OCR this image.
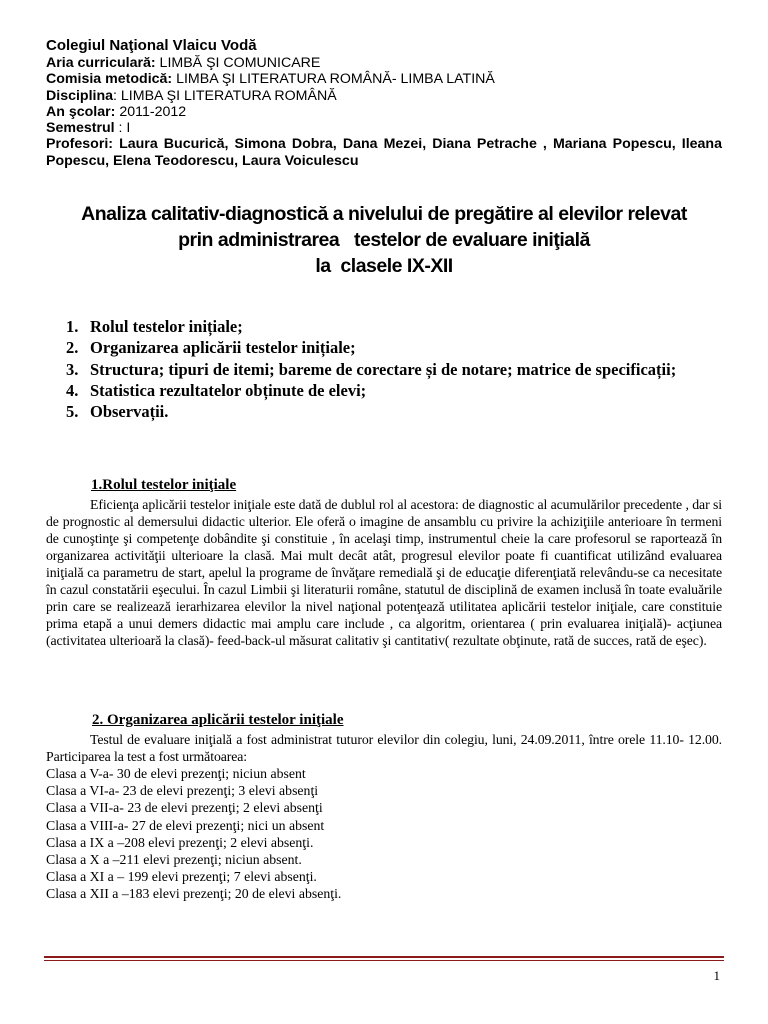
Colegiul Naţional Vlaicu Vodă
Aria curriculară: LIMBĂ ŞI COMUNICARE
Comisia metodică: LIMBA ŞI LITERATURA ROMÂNĂ- LIMBA LATINĂ
Disciplina: LIMBA ŞI LITERATURA ROMÂNĂ
An şcolar: 2011-2012
Semestrul : I
Profesori: Laura Bucurică, Simona Dobra, Dana Mezei, Diana Petrache , Mariana Popescu, Ileana Popescu, Elena Teodorescu, Laura Voiculescu
Analiza calitativ-diagnostică a nivelului de pregătire al elevilor relevat
prin administrarea   testelor de evaluare iniţială
la  clasele IX-XII
1. Rolul testelor inițiale;
2. Organizarea aplicării testelor inițiale;
3. Structura; tipuri de itemi; bareme de corectare și de notare; matrice de specificații;
4. Statistica rezultatelor obținute de elevi;
5. Observații.
1.Rolul testelor iniţiale
Eficienţa aplicării testelor iniţiale este dată de dublul rol al acestora: de diagnostic al acumulărilor precedente , dar si de prognostic al demersului didactic ulterior. Ele oferă o imagine de ansamblu cu privire la achiziţiile anterioare în termeni de cunoştinţe şi competenţe dobândite şi constituie , în acelaşi timp, instrumentul cheie la care profesorul se raportează în organizarea activităţii ulterioare la clasă. Mai mult decât atât, progresul elevilor poate fi cuantificat utilizând evaluarea iniţială ca parametru de start, apelul la programe de învăţare remedială şi de educaţie diferenţiată relevându-se ca necesitate în cazul constatării eşecului. În cazul Limbii şi literaturii române, statutul de disciplină de examen inclusă în toate evaluările prin care se realizează ierarhizarea elevilor la nivel naţional potenţează utilitatea aplicării testelor iniţiale, care constituie prima etapă a unui demers didactic mai amplu care include , ca algoritm, orientarea ( prin evaluarea iniţială)- acţiunea (activitatea ulterioară la clasă)- feed-back-ul măsurat calitativ şi cantitativ( rezultate obţinute, rată de succes, rată de eşec).
2. Organizarea aplicării testelor iniţiale
Testul de evaluare iniţială a fost administrat tuturor elevilor din colegiu, luni, 24.09.2011, între orele 11.10- 12.00. Participarea la test a fost următoarea:
Clasa a V-a- 30 de elevi prezenţi; niciun absent
Clasa a VI-a- 23 de elevi prezenţi; 3 elevi absenţi
Clasa a VII-a- 23 de elevi prezenţi; 2 elevi absenţi
Clasa a VIII-a- 27 de elevi prezenţi; nici un absent
Clasa a IX a –208 elevi prezenţi; 2 elevi absenţi.
Clasa a X a –211 elevi prezenţi; niciun absent.
Clasa a XI a – 199 elevi prezenţi; 7 elevi absenţi.
Clasa a XII a –183 elevi prezenţi; 20 de elevi absenţi.
1
